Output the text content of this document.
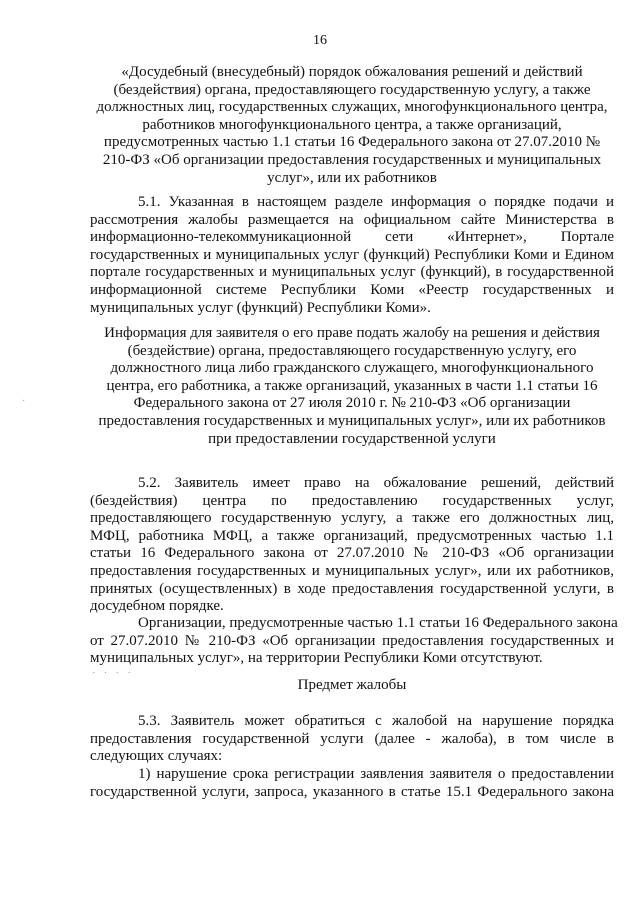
16
«Досудебный (внесудебный) порядок обжалования решений и действий
(бездействия) органа, предоставляющего государственную услугу, а также
должностных лиц, государственных служащих, многофункционального центра,
работников многофункционального центра, а также организаций,
предусмотренных частью 1.1 статьи 16 Федерального закона от 27.07.2010 №
210-ФЗ «Об организации предоставления государственных и муниципальных
услуг», или их работников
5.1. Указанная в настоящем разделе информация о порядке подачи и
рассмотрения жалобы размещается на официальном сайте Министерства в
информационно-телекоммуникационной сети «Интернет», Портале
государственных и муниципальных услуг (функций) Республики Коми и Едином
портале государственных и муниципальных услуг (функций), в государственной
информационной системе Республики Коми «Реестр государственных и
муниципальных услуг (функций) Республики Коми».
Информация для заявителя о его праве подать жалобу на решения и действия
(бездействие) органа, предоставляющего государственную услугу, его
должностного лица либо гражданского служащего, многофункционального
центра, его работника, а также организаций, указанных в части 1.1 статьи 16
Федерального закона от 27 июля 2010 г. № 210-ФЗ «Об организации
предоставления государственных и муниципальных услуг», или их работников
при предоставлении государственной услуги
·
5.2. Заявитель имеет право на обжалование решений, действий
(бездействия) центра по предоставлению государственных услуг,
предоставляющего государственную услугу, а также его должностных лиц,
МФЦ, работника МФЦ, а также организаций, предусмотренных частью 1.1
статьи 16 Федерального закона от 27.07.2010 № 210-ФЗ «Об организации
предоставления государственных и муниципальных услуг», или их работников,
принятых (осуществленных) в ходе предоставления государственной услуги, в
досудебном порядке.
Организации, предусмотренные частью 1.1 статьи 16 Федерального закона
от 27.07.2010 № 210-ФЗ «Об организации предоставления государственных и
муниципальных услуг», на территории Республики Коми отсутствуют.
· · · ·
Предмет жалобы
5.3. Заявитель может обратиться с жалобой на нарушение порядка
предоставления государственной услуги (далее - жалоба), в том числе в
следующих случаях:
1) нарушение срока регистрации заявления заявителя о предоставлении
государственной услуги, запроса, указанного в статье 15.1 Федерального закона
